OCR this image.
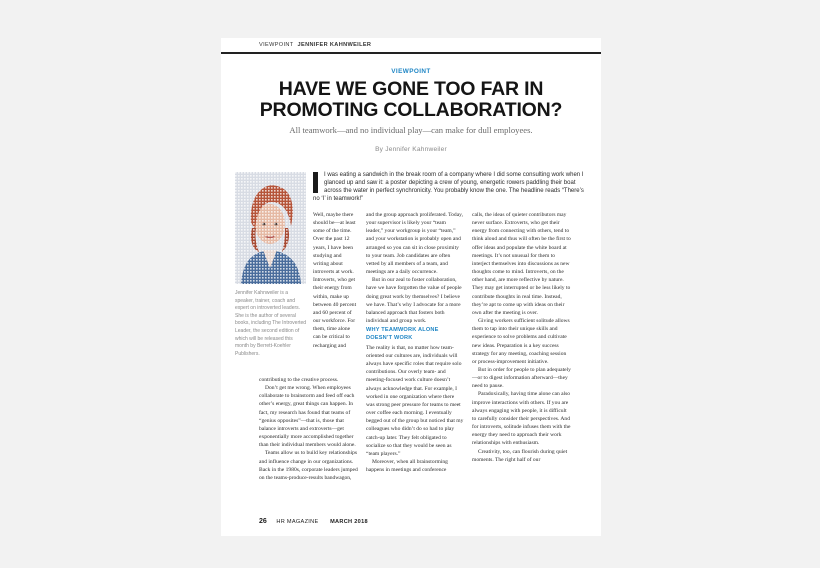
VIEWPOINT JENNIFER KAHNWEILER
VIEWPOINT
HAVE WE GONE TOO FAR IN PROMOTING COLLABORATION?
All teamwork—and no individual play—can make for dull employees.
By Jennifer Kahnweiler
Jennifer Kahnweiler is a speaker, trainer, coach and expert on introverted leaders. She is the author of several books, including The Introverted Leader, the second edition of which will be released this month by Berrett-Koehler Publishers.
I was eating a sandwich in the break room of a company where I did some consulting work when I glanced up and saw it: a poster depicting a crew of young, energetic rowers paddling their boat across the water in perfect synchronicity. You probably know the one. The headline reads “There’s no ‘I’ in teamwork!”

Well, maybe there should be—at least some of the time. Over the past 12 years, I have been studying and writing about introverts at work. Introverts, who get their energy from within, make up between 40 percent and 60 percent of our workforce. For them, time alone can be critical to recharging and

contributing to the creative process.

Don’t get me wrong. When employees collaborate to brainstorm and feed off each other’s energy, great things can happen. In fact, my research has found that teams of “genius opposites”—that is, those that balance introverts and extroverts—get exponentially more accomplished together than their individual members would alone.

Teams allow us to build key relationships and influence change in our organizations. Back in the 1980s, corporate leaders jumped on the teams-produce-results bandwagon,

and the group approach proliferated. Today, your supervisor is likely your “team leader,” your workgroup is your “team,” and your workstation is probably open and arranged so you can sit in close proximity to your team. Job candidates are often vetted by all members of a team, and meetings are a daily occurrence.

But in our zeal to foster collaboration, have we have forgotten the value of people doing great work by themselves? I believe we have. That’s why I advocate for a more balanced approach that fosters both individual and group work.

WHY TEAMWORK ALONE DOESN’T WORK

The reality is that, no matter how team-oriented our cultures are, individuals will always have specific roles that require solo contributions. Our overly team- and meeting-focused work culture doesn’t always acknowledge that. For example, I worked in one organization where there was strong peer pressure for teams to meet over coffee each morning. I eventually begged out of the group but noticed that my colleagues who didn’t do so had to play catch-up later. They felt obligated to socialize so that they would be seen as “team players.”

Moreover, when all brainstorming happens in meetings and conference

calls, the ideas of quieter contributors may never surface. Extroverts, who get their energy from connecting with others, tend to think aloud and thus will often be the first to offer ideas and populate the white board at meetings. It’s not unusual for them to interject themselves into discussions as new thoughts come to mind. Introverts, on the other hand, are more reflective by nature. They may get interrupted or be less likely to contribute thoughts in real time. Instead, they’re apt to come up with ideas on their own after the meeting is over.

Giving workers sufficient solitude allows them to tap into their unique skills and experience to solve problems and cultivate new ideas. Preparation is a key success strategy for any meeting, coaching session or process-improvement initiative.

But in order for people to plan adequately—or to digest information afterward—they need to pause.

Paradoxically, having time alone can also improve interactions with others. If you are always engaging with people, it is difficult to carefully consider their perspectives. And for introverts, solitude infuses them with the energy they need to approach their work relationships with enthusiasm.

Creativity, too, can flourish during quiet moments. The right half of our

26 HR MAGAZINE MARCH 2018
